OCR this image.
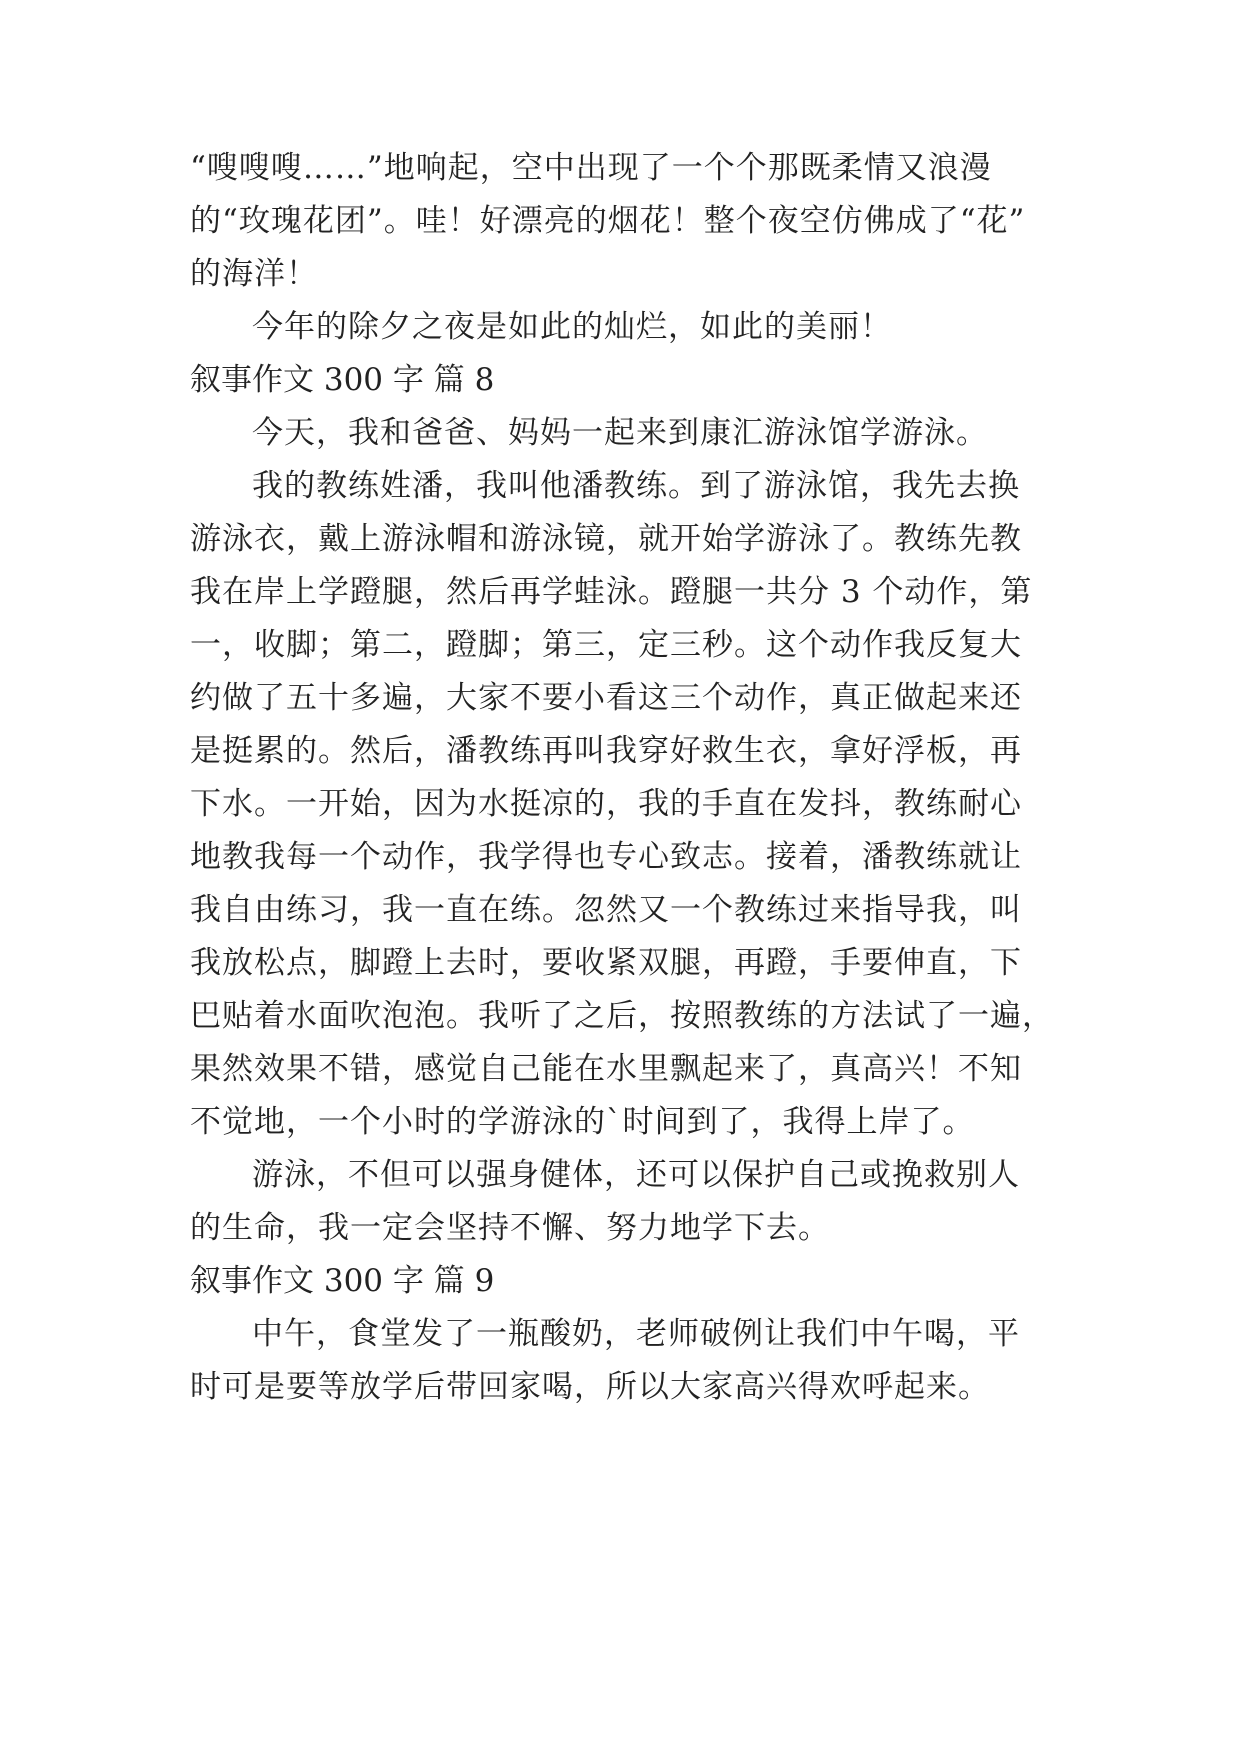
“嗖嗖嗖……”地响起，空中出现了一个个那既柔情又浪漫
的“玫瑰花团”。哇！好漂亮的烟花！整个夜空仿佛成了“花”
的海洋！
今年的除夕之夜是如此的灿烂，如此的美丽！
叙事作文 300 字 篇 8
今天，我和爸爸、妈妈一起来到康汇游泳馆学游泳。
我的教练姓潘，我叫他潘教练。到了游泳馆，我先去换
游泳衣，戴上游泳帽和游泳镜，就开始学游泳了。教练先教
我在岸上学蹬腿，然后再学蛙泳。蹬腿一共分 3 个动作，第
一，收脚；第二，蹬脚；第三，定三秒。这个动作我反复大
约做了五十多遍，大家不要小看这三个动作，真正做起来还
是挺累的。然后，潘教练再叫我穿好救生衣，拿好浮板，再
下水。一开始，因为水挺凉的，我的手直在发抖，教练耐心
地教我每一个动作，我学得也专心致志。接着，潘教练就让
我自由练习，我一直在练。忽然又一个教练过来指导我，叫
我放松点，脚蹬上去时，要收紧双腿，再蹬，手要伸直，下
巴贴着水面吹泡泡。我听了之后，按照教练的方法试了一遍，
果然效果不错，感觉自己能在水里飘起来了，真高兴！不知
不觉地，一个小时的学游泳的`时间到了，我得上岸了。
游泳，不但可以强身健体，还可以保护自己或挽救别人
的生命，我一定会坚持不懈、努力地学下去。
叙事作文 300 字 篇 9
中午，食堂发了一瓶酸奶，老师破例让我们中午喝，平
时可是要等放学后带回家喝，所以大家高兴得欢呼起来。
